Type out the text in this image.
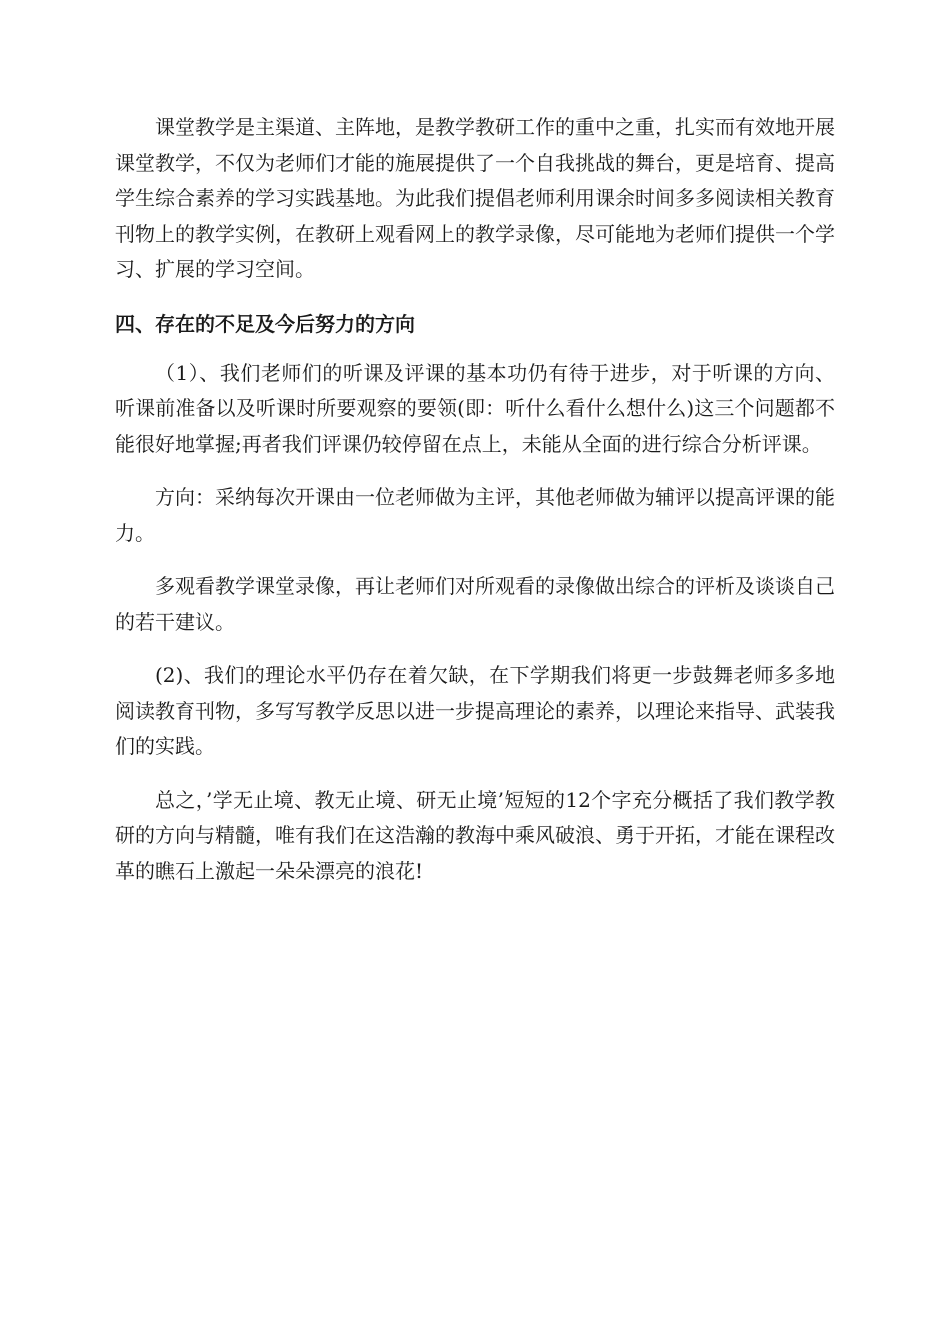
课堂教学是主渠道、主阵地，是教学教研工作的重中之重，扎实而有效地开展课堂教学，不仅为老师们才能的施展提供了一个自我挑战的舞台，更是培育、提高学生综合素养的学习实践基地。为此我们提倡老师利用课余时间多多阅读相关教育刊物上的教学实例，在教研上观看网上的教学录像，尽可能地为老师们提供一个学习、扩展的学习空间。

四、存在的不足及今后努力的方向

（1）、我们老师们的听课及评课的基本功仍有待于进步，对于听课的方向、听课前准备以及听课时所要观察的要领(即：听什么看什么想什么)这三个问题都不能很好地掌握;再者我们评课仍较停留在点上，未能从全面的进行综合分析评课。

方向：采纳每次开课由一位老师做为主评，其他老师做为辅评以提高评课的能力。

多观看教学课堂录像，再让老师们对所观看的录像做出综合的评析及谈谈自己的若干建议。

(2)、我们的理论水平仍存在着欠缺，在下学期我们将更一步鼓舞老师多多地阅读教育刊物，多写写教学反思以进一步提高理论的素养，以理论来指导、武装我们的实践。

总之，’学无止境、教无止境、研无止境’短短的12个字充分概括了我们教学教研的方向与精髓，唯有我们在这浩瀚的教海中乘风破浪、勇于开拓，才能在课程改革的瞧石上激起一朵朵漂亮的浪花!
